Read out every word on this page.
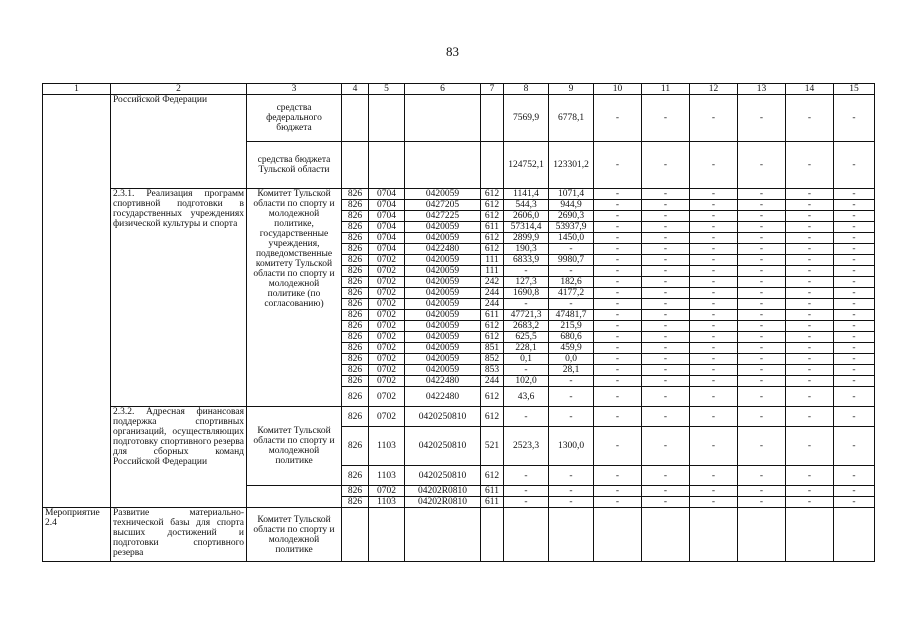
83
1	2	3	4	5	6	7	8	9	10	11	12	13	14	15
	Российской Федерации	средства федерального бюджета					7569,9	6778,1	-	-	-	-	-	-
		средства бюджета Тульской области					124752,1	123301,2	-	-	-	-	-	-
	2.3.1. Реализация программ спортивной подготовки в государственных учреждениях физической культуры и спорта	Комитет Тульской области по спорту и молодежной политике, государственные учреждения, подведомственные комитету Тульской области по спорту и молодежной политике (по согласованию)	826	0704	0420059	612	1141,4	1071,4	-	-	-	-	-	-
			826	0704	0427205	612	544,3	944,9	-	-	-	-	-	-
			826	0704	0427225	612	2606,0	2690,3	-	-	-	-	-	-
			826	0704	0420059	611	57314,4	53937,9	-	-	-	-	-	-
			826	0704	0420059	612	2899,9	1450,0	-	-	-	-	-	-
			826	0704	0422480	612	190,3	-	-	-	-	-	-	-
			826	0702	0420059	111	6833,9	9980,7	-	-	-	-	-	-
			826	0702	0420059	111	-	-	-	-	-	-	-	-
			826	0702	0420059	242	127,3	182,6	-	-	-	-	-	-
			826	0702	0420059	244	1690,8	4177,2	-	-	-	-	-	-
			826	0702	0420059	244	-	-	-	-	-	-	-	-
			826	0702	0420059	611	47721,3	47481,7	-	-	-	-	-	-
			826	0702	0420059	612	2683,2	215,9	-	-	-	-	-	-
			826	0702	0420059	612	625,5	680,6	-	-	-	-	-	-
			826	0702	0420059	851	228,1	459,9	-	-	-	-	-	-
			826	0702	0420059	852	0,1	0,0	-	-	-	-	-	-
			826	0702	0420059	853	-	28,1	-	-	-	-	-	-
			826	0702	0422480	244	102,0	-	-	-	-	-	-	-
			826	0702	0422480	612	43,6	-	-	-	-	-	-	-
	2.3.2. Адресная финансовая поддержка спортивных организаций, осуществляющих подготовку спортивного резерва для сборных команд Российской Федерации	Комитет Тульской области по спорту и молодежной политике	826	0702	0420250810	612	-	-	-	-	-	-	-	-
			826	1103	0420250810	521	2523,3	1300,0	-	-	-	-	-	-
			826	1103	0420250810	612	-	-	-	-	-	-	-	-
			826	0702	04202R0810	611	-	-	-	-	-	-	-	-
			826	1103	04202R0810	611	-	-	-	-	-	-	-	-
Мероприятие 2.4	Развитие материально-технической базы для спорта высших достижений и подготовки спортивного резерва	Комитет Тульской области по спорту и молодежной политике												
